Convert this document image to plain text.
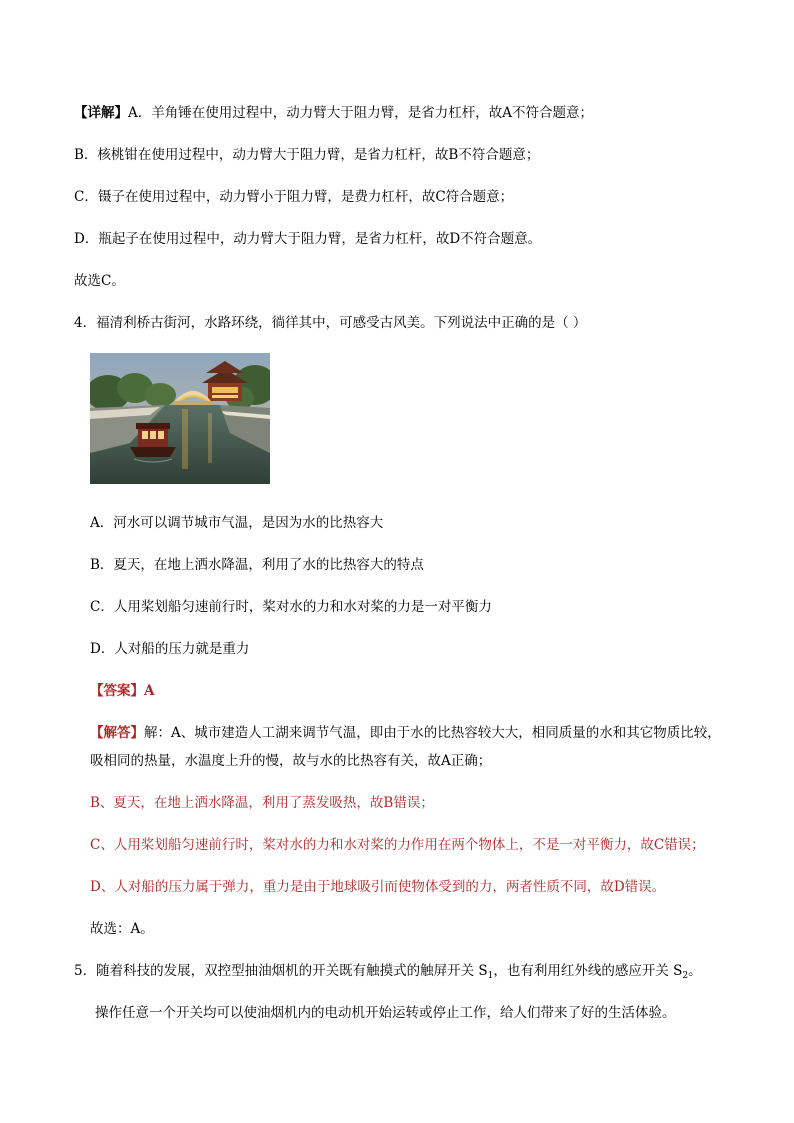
【详解】A．羊角锤在使用过程中，动力臂大于阻力臂，是省力杠杆，故A不符合题意；
B．核桃钳在使用过程中，动力臂大于阻力臂，是省力杠杆，故B不符合题意；
C．镊子在使用过程中，动力臂小于阻力臂，是费力杠杆，故C符合题意；
D．瓶起子在使用过程中，动力臂大于阻力臂，是省力杠杆，故D不符合题意。
故选C。
4．福清利桥古街河，水路环绕，徜徉其中，可感受古风美。下列说法中正确的是（ ）
A．河水可以调节城市气温，是因为水的比热容大
B．夏天，在地上洒水降温，利用了水的比热容大的特点
C．人用桨划船匀速前行时，桨对水的力和水对桨的力是一对平衡力
D．人对船的压力就是重力
【答案】A
【解答】解：A、城市建造人工湖来调节气温，即由于水的比热容较大大，相同质量的水和其它物质比较，
吸相同的热量，水温度上升的慢，故与水的比热容有关，故A正确；
B、夏天，在地上洒水降温，利用了蒸发吸热，故B错误；
C、人用桨划船匀速前行时，桨对水的力和水对桨的力作用在两个物体上，不是一对平衡力，故C错误；
D、人对船的压力属于弹力，重力是由于地球吸引而使物体受到的力，两者性质不同，故D错误。
故选：A。
5．随着科技的发展，双控型抽油烟机的开关既有触摸式的触屏开关 $S_1$，也有利用红外线的感应开关 $S_2$。
操作任意一个开关均可以使油烟机内的电动机开始运转或停止工作，给人们带来了好的生活体验。
